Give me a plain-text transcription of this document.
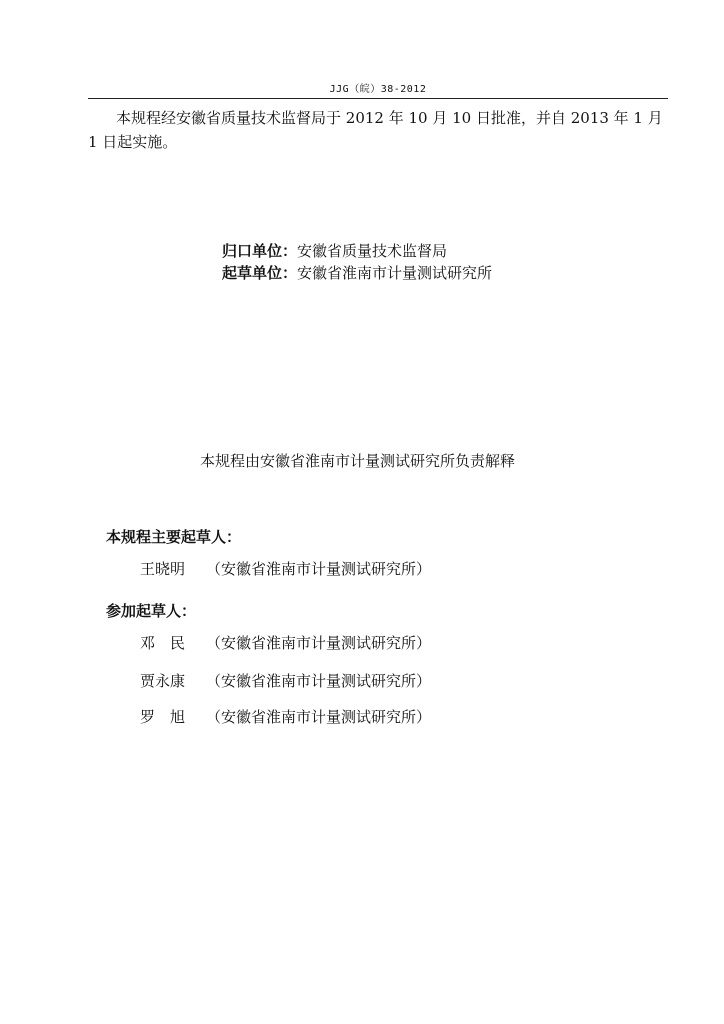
JJG（皖）38-2012
本规程经安徽省质量技术监督局于 2012 年 10 月 10 日批准，并自 2013 年 1 月 1 日起实施。
归口单位：安徽省质量技术监督局
起草单位：安徽省淮南市计量测试研究所
本规程由安徽省淮南市计量测试研究所负责解释
本规程主要起草人：
王晓明 （安徽省淮南市计量测试研究所）
参加起草人：
邓　民 （安徽省淮南市计量测试研究所）
贾永康 （安徽省淮南市计量测试研究所）
罗　旭 （安徽省淮南市计量测试研究所）
